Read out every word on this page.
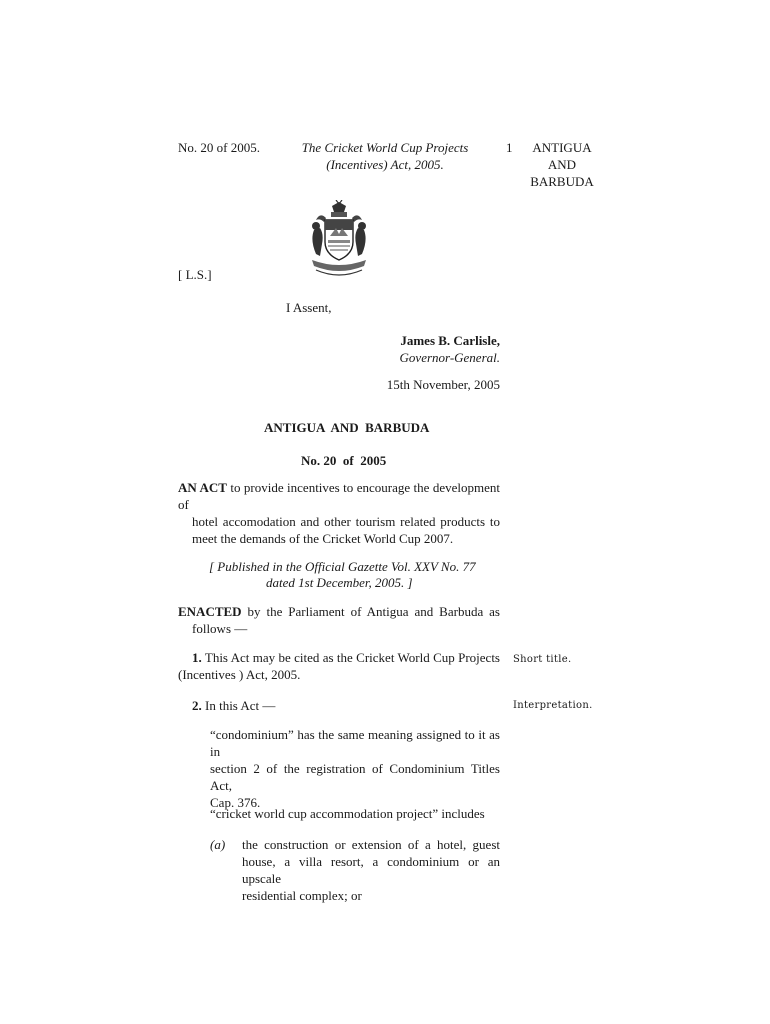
No. 20 of 2005.	The Cricket World Cup Projects
(Incentives) Act, 2005.
1	ANTIGUA
AND
BARBUDA
[ L.S.]
I Assent,
James B. Carlisle,
Governor-General.
15th November, 2005
ANTIGUA  AND  BARBUDA
No. 20  of  2005
AN ACT to provide incentives to encourage the development of
hotel accomodation and other tourism related products to
meet the demands of the Cricket World Cup 2007.
[ Published in the Official Gazette Vol. XXV No. 77
dated 1st December, 2005. ]
ENACTED by the Parliament of Antigua and Barbuda as
follows —
1. This Act may be cited as the Cricket World Cup Projects
(Incentives ) Act, 2005.
Short title.
2. In this Act —	Interpretation.
“condominium” has the same meaning assigned to it as in
section 2 of the registration of Condominium Titles Act,
Cap. 376.
“cricket world cup accommodation project” includes
(a) the construction or extension of a hotel, guest
house, a villa resort, a condominium or an upscale
residential complex; or
